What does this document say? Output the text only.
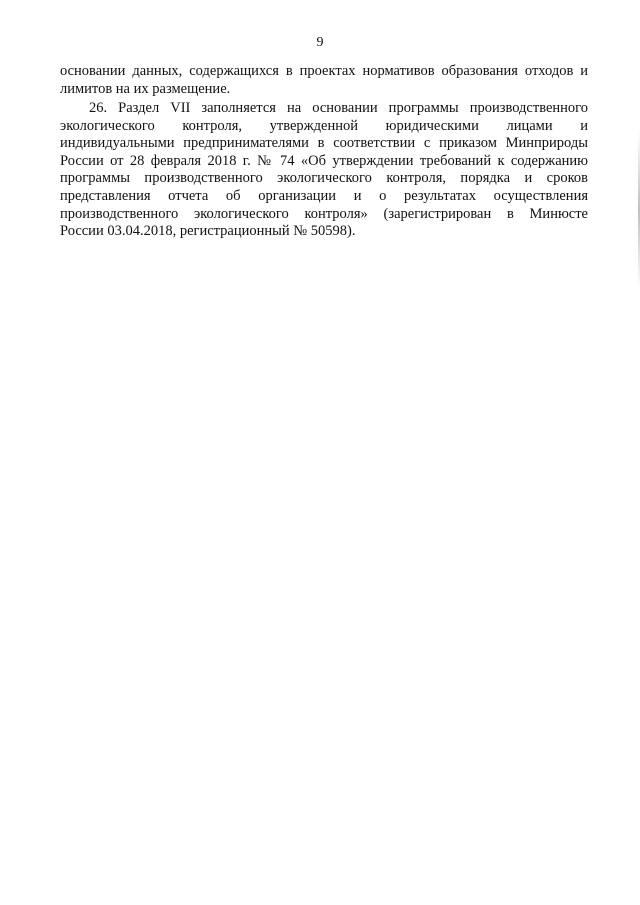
9
основании данных, содержащихся в проектах нормативов образования отходов и
лимитов на их размещение.
26. Раздел VII заполняется на основании программы производственного
экологического контроля, утвержденной юридическими лицами и
индивидуальными предпринимателями в соответствии с приказом Минприроды
России от 28 февраля 2018 г. № 74 «Об утверждении требований к содержанию
программы производственного экологического контроля, порядка и сроков
представления отчета об организации и о результатах осуществления
производственного экологического контроля» (зарегистрирован в Минюсте
России 03.04.2018, регистрационный № 50598).
